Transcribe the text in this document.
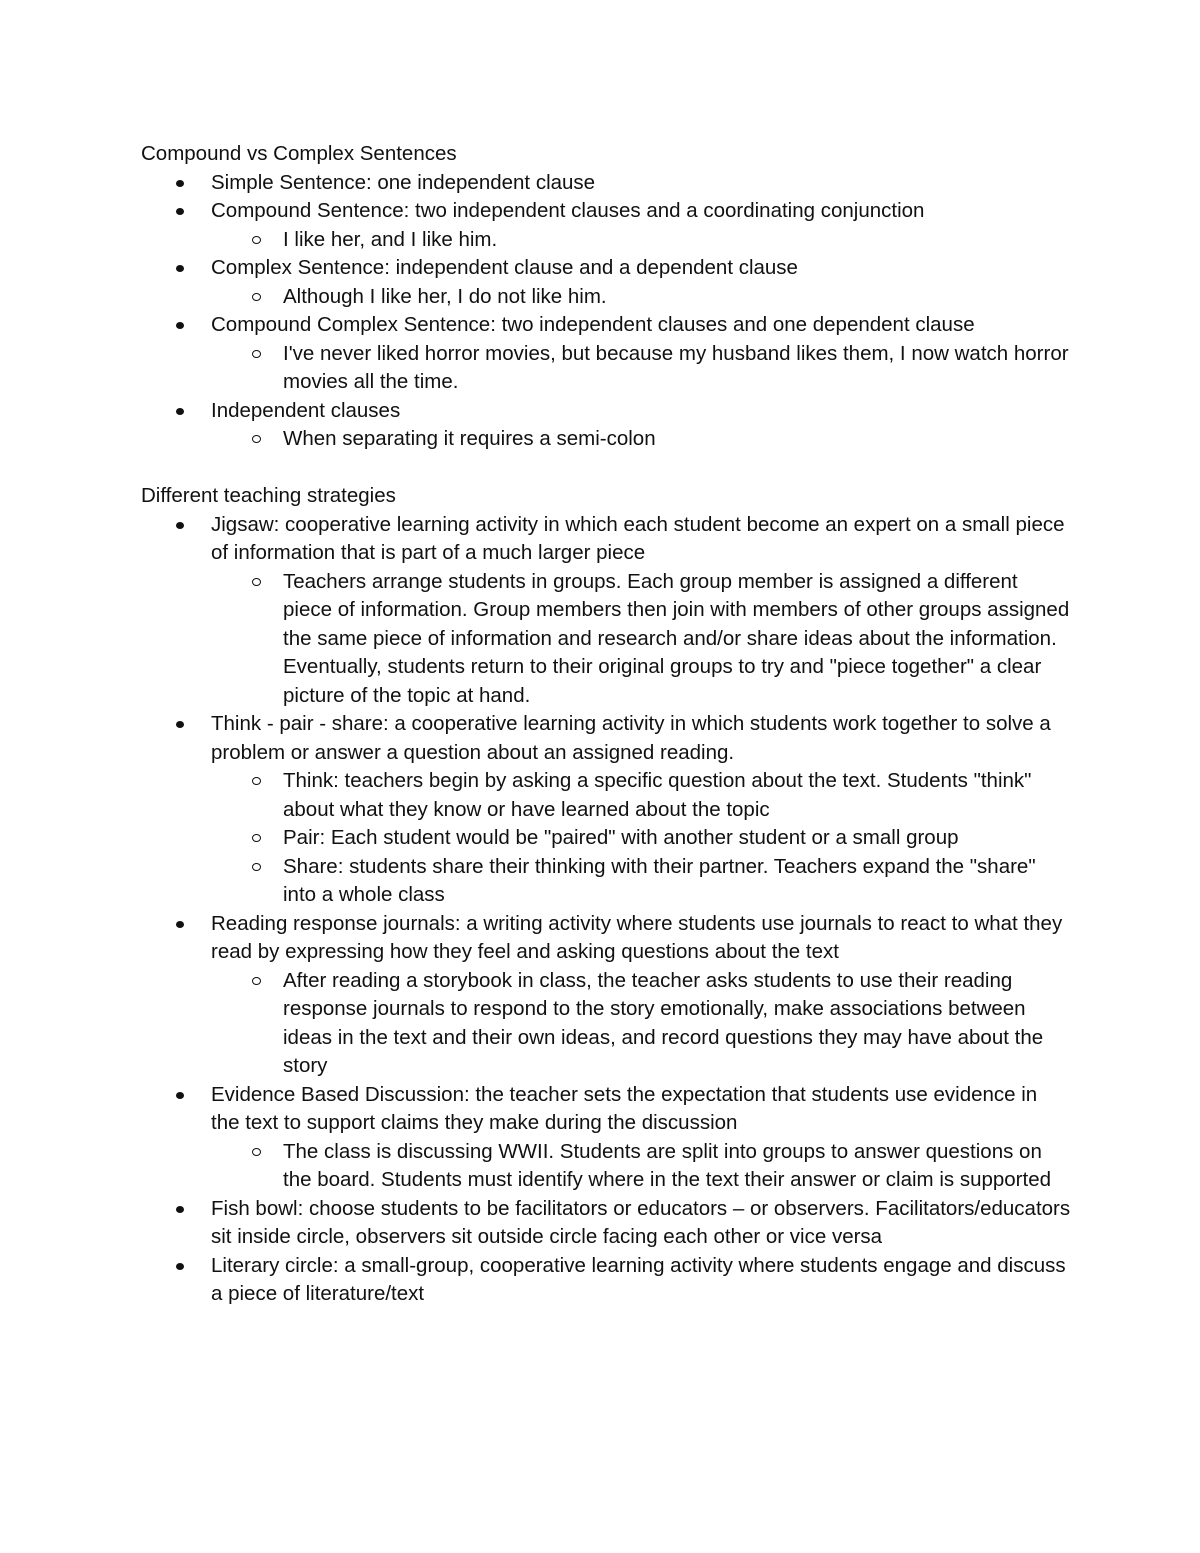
Compound vs Complex Sentences

Simple Sentence: one independent clause
Compound Sentence: two independent clauses and a coordinating conjunction
I like her, and I like him.
Complex Sentence: independent clause and a dependent clause
Although I like her, I do not like him.
Compound Complex Sentence: two independent clauses and one dependent clause
I've never liked horror movies, but because my husband likes them, I now watch horror movies all the time.
Independent clauses
When separating it requires a semi-colon

Different teaching strategies

Jigsaw: cooperative learning activity in which each student become an expert on a small piece of information that is part of a much larger piece
Teachers arrange students in groups. Each group member is assigned a different piece of information. Group members then join with members of other groups assigned the same piece of information and research and/or share ideas about the information. Eventually, students return to their original groups to try and "piece together" a clear picture of the topic at hand.
Think - pair - share: a cooperative learning activity in which students work together to solve a problem or answer a question about an assigned reading.
Think: teachers begin by asking a specific question about the text. Students "think" about what they know or have learned about the topic
Pair: Each student would be "paired" with another student or a small group
Share: students share their thinking with their partner. Teachers expand the "share" into a whole class
Reading response journals: a writing activity where students use journals to react to what they read by expressing how they feel and asking questions about the text
After reading a storybook in class, the teacher asks students to use their reading response journals to respond to the story emotionally, make associations between ideas in the text and their own ideas, and record questions they may have about the story
Evidence Based Discussion: the teacher sets the expectation that students use evidence in the text to support claims they make during the discussion
The class is discussing WWII. Students are split into groups to answer questions on the board. Students must identify where in the text their answer or claim is supported
Fish bowl: choose students to be facilitators or educators – or observers. Facilitators/educators sit inside circle, observers sit outside circle facing each other or vice versa
Literary circle: a small-group, cooperative learning activity where students engage and discuss a piece of literature/text
